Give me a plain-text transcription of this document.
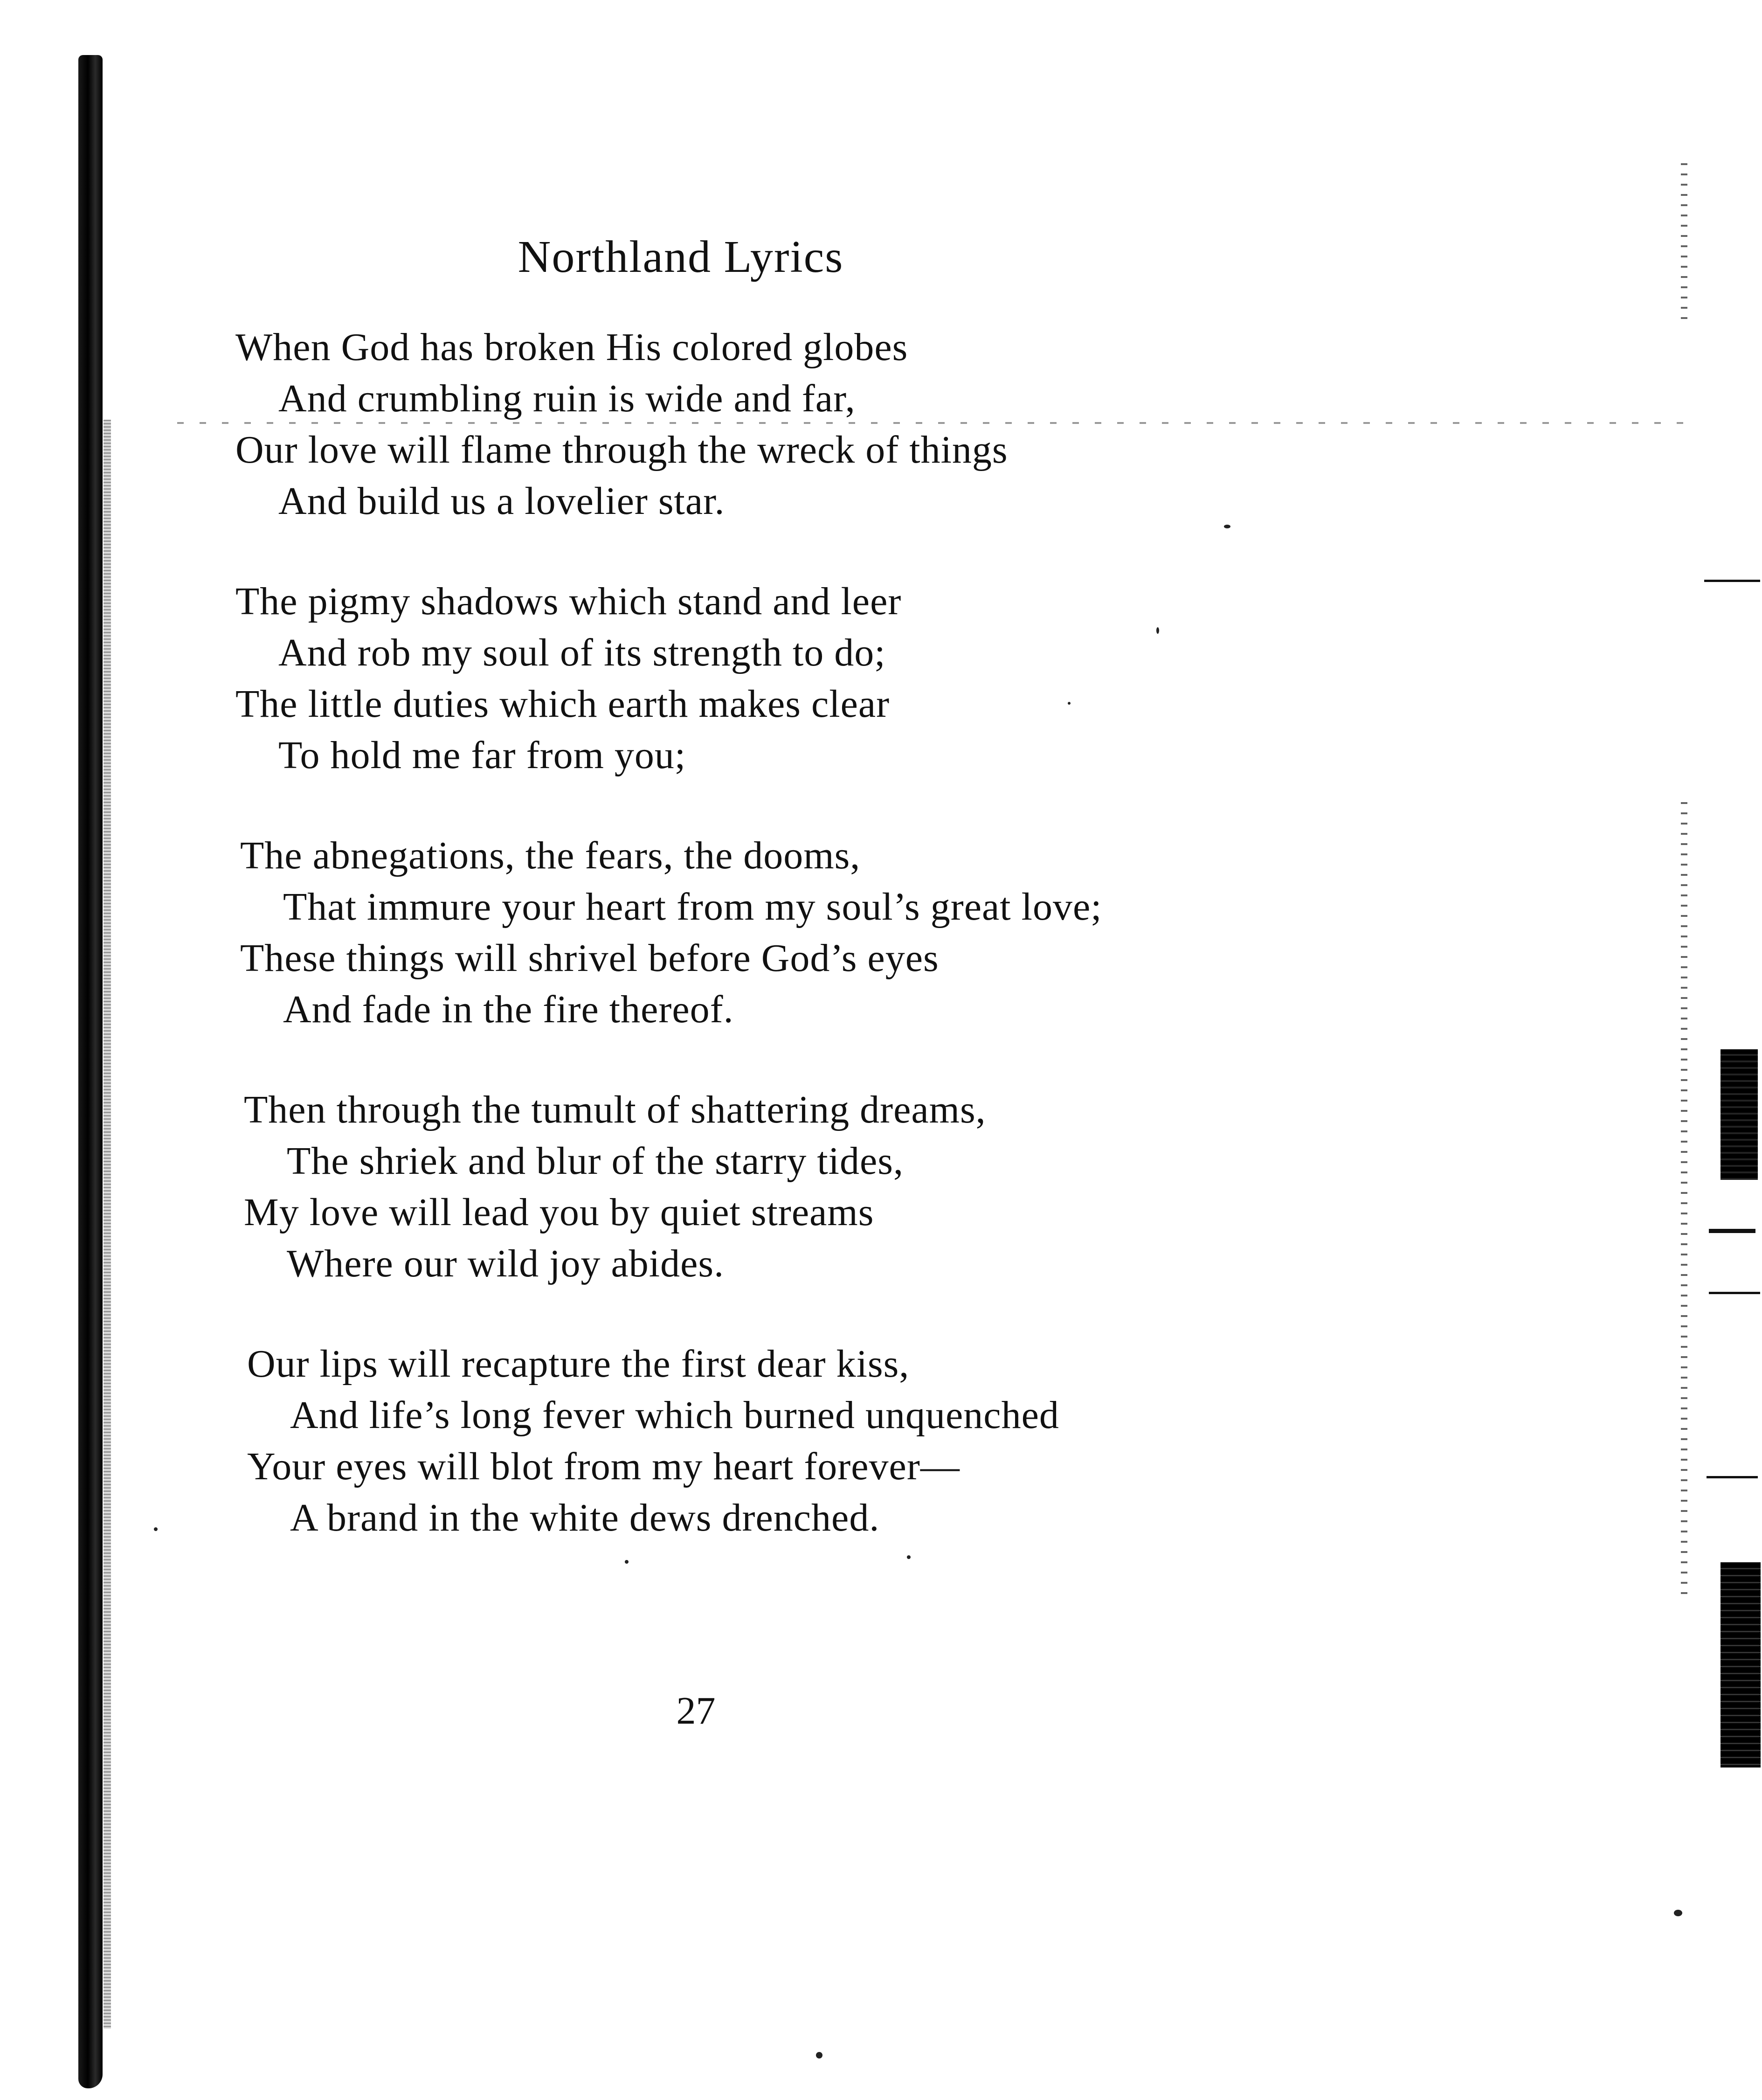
Northland Lyrics
When God has broken His colored globes
And crumbling ruin is wide and far,
Our love will flame through the wreck of things
And build us a lovelier star.
The pigmy shadows which stand and leer
And rob my soul of its strength to do;
The little duties which earth makes clear
To hold me far from you;
The abnegations, the fears, the dooms,
That immure your heart from my soul’s great love;
These things will shrivel before God’s eyes
And fade in the fire thereof.
Then through the tumult of shattering dreams,
The shriek and blur of the starry tides,
My love will lead you by quiet streams
Where our wild joy abides.
Our lips will recapture the first dear kiss,
And life’s long fever which burned unquenched
Your eyes will blot from my heart forever—
A brand in the white dews drenched.

27
